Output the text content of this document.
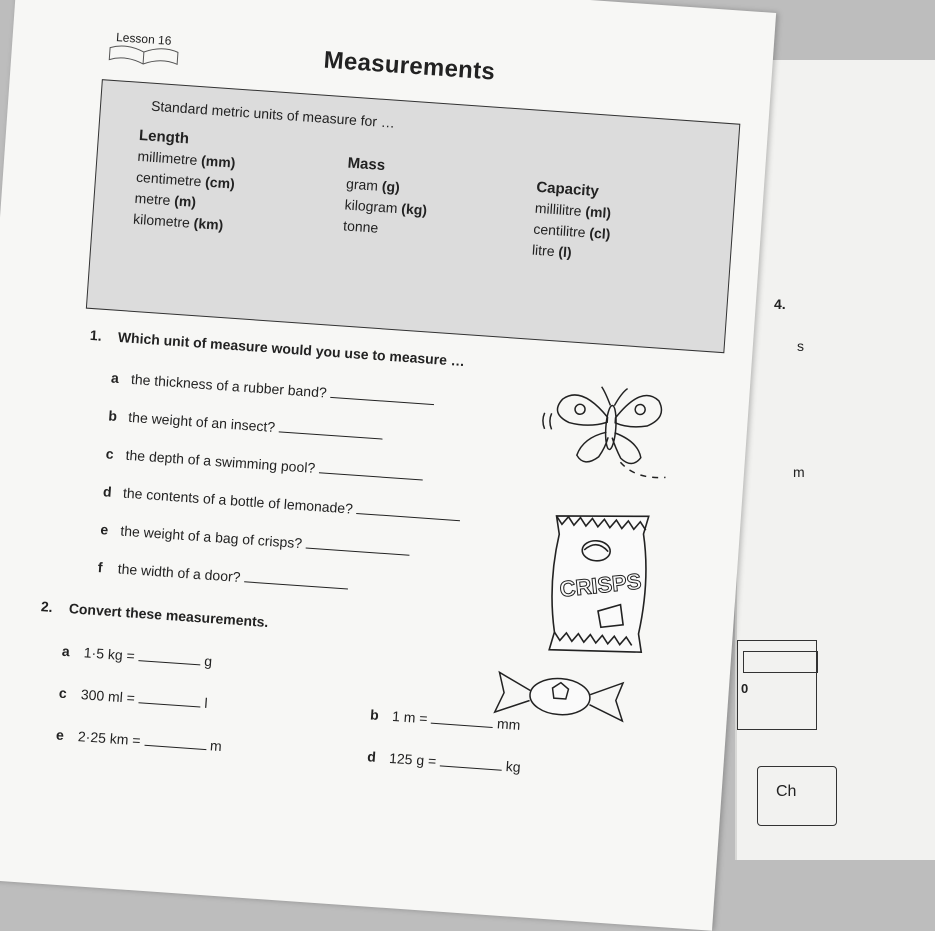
4.
s
m
0
Ch
Lesson 16
Measurements
Standard metric units of measure for …
Length
millimetre (mm)
centimetre (cm)
metre (m)
kilometre (km)
Mass
gram (g)
kilogram (kg)
tonne
Capacity
millilitre (ml)
centilitre (cl)
litre (l)
1. Which unit of measure would you use to measure …
a the thickness of a rubber band?
b the weight of an insect?
c the depth of a swimming pool?
d the contents of a bottle of lemonade?
e the weight of a bag of crisps?
f the width of a door?
2. Convert these measurements.
a 1·5 kg =	g
c 300 ml =	l
e 2·25 km =	m
b 1 m =	mm
d 125 g =	kg
CRISPS
